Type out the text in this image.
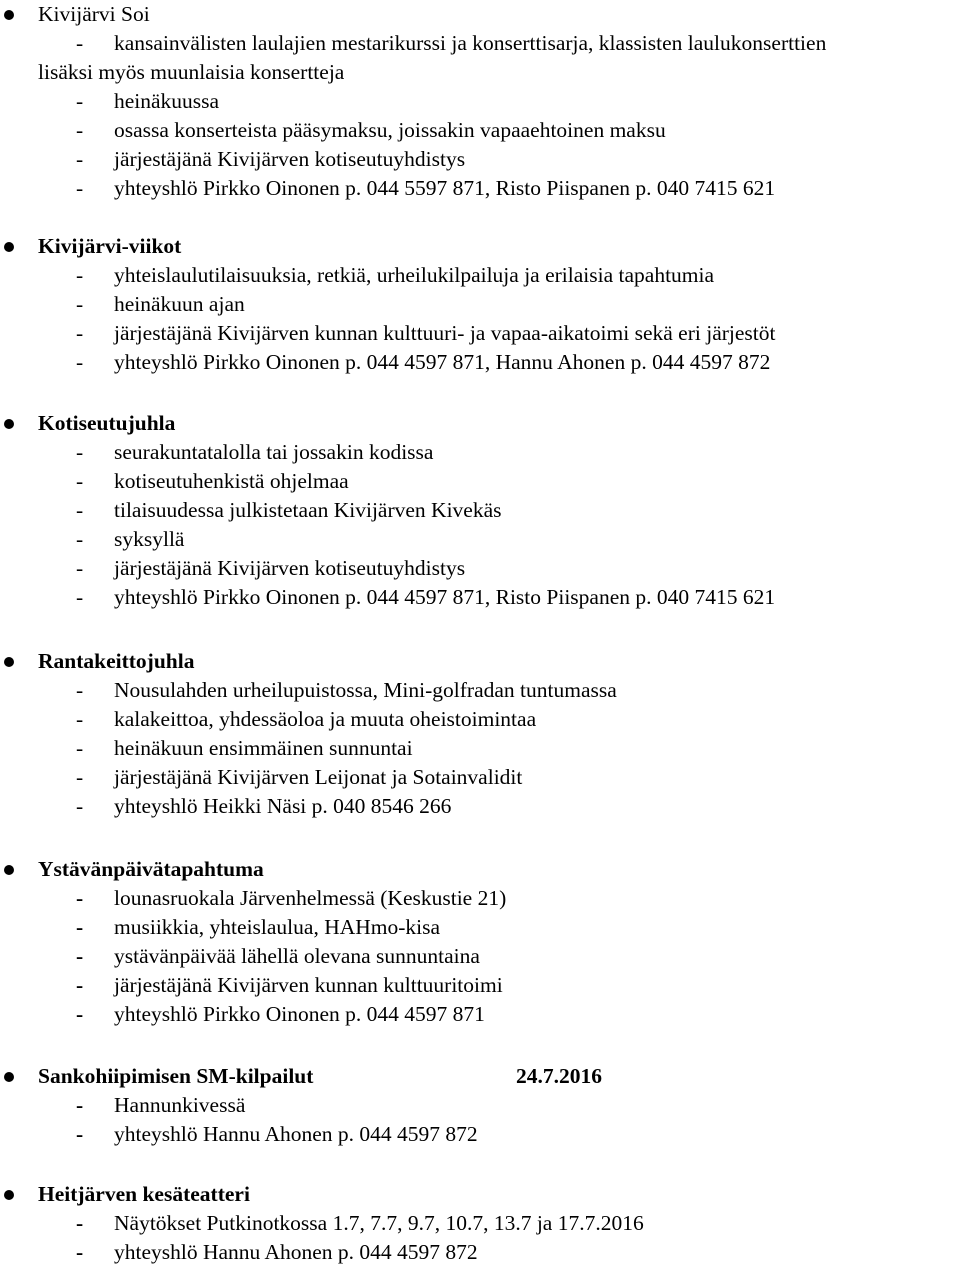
Kivijärvi Soi
- kansainvälisten laulajien mestarikurssi ja konserttisarja, klassisten laulukonserttien
lisäksi myös muunlaisia konsertteja
- heinäkuussa
- osassa konserteista pääsymaksu, joissakin vapaaehtoinen maksu
- järjestäjänä Kivijärven kotiseutuyhdistys
- yhteyshlö Pirkko Oinonen p. 044 5597 871, Risto Piispanen p. 040 7415 621
Kivijärvi-viikot
- yhteislaulutilaisuuksia, retkiä, urheilukilpailuja ja erilaisia tapahtumia
- heinäkuun ajan
- järjestäjänä Kivijärven kunnan kulttuuri- ja vapaa-aikatoimi sekä eri järjestöt
- yhteyshlö Pirkko Oinonen p. 044 4597 871, Hannu Ahonen p. 044 4597 872
Kotiseutujuhla
- seurakuntatalolla tai jossakin kodissa
- kotiseutuhenkistä ohjelmaa
- tilaisuudessa julkistetaan Kivijärven Kivekäs
- syksyllä
- järjestäjänä Kivijärven kotiseutuyhdistys
- yhteyshlö Pirkko Oinonen p. 044 4597 871, Risto Piispanen p. 040 7415 621
Rantakeittojuhla
- Nousulahden urheilupuistossa, Mini-golfradan tuntumassa
- kalakeittoa, yhdessäoloa ja muuta oheistoimintaa
- heinäkuun ensimmäinen sunnuntai
- järjestäjänä Kivijärven Leijonat ja Sotainvalidit
- yhteyshlö Heikki Näsi p. 040 8546 266
Ystävänpäivätapahtuma
- lounasruokala Järvenhelmessä (Keskustie 21)
- musiikkia, yhteislaulua, HAHmo-kisa
- ystävänpäivää lähellä olevana sunnuntaina
- järjestäjänä Kivijärven kunnan kulttuuritoimi
- yhteyshlö Pirkko Oinonen p. 044 4597 871
Sankohiipimisen SM-kilpailut	24.7.2016
- Hannunkivessä
- yhteyshlö Hannu Ahonen p. 044 4597 872
Heitjärven kesäteatteri
- Näytökset Putkinotkossa 1.7, 7.7, 9.7, 10.7, 13.7 ja 17.7.2016
- yhteyshlö Hannu Ahonen p. 044 4597 872
